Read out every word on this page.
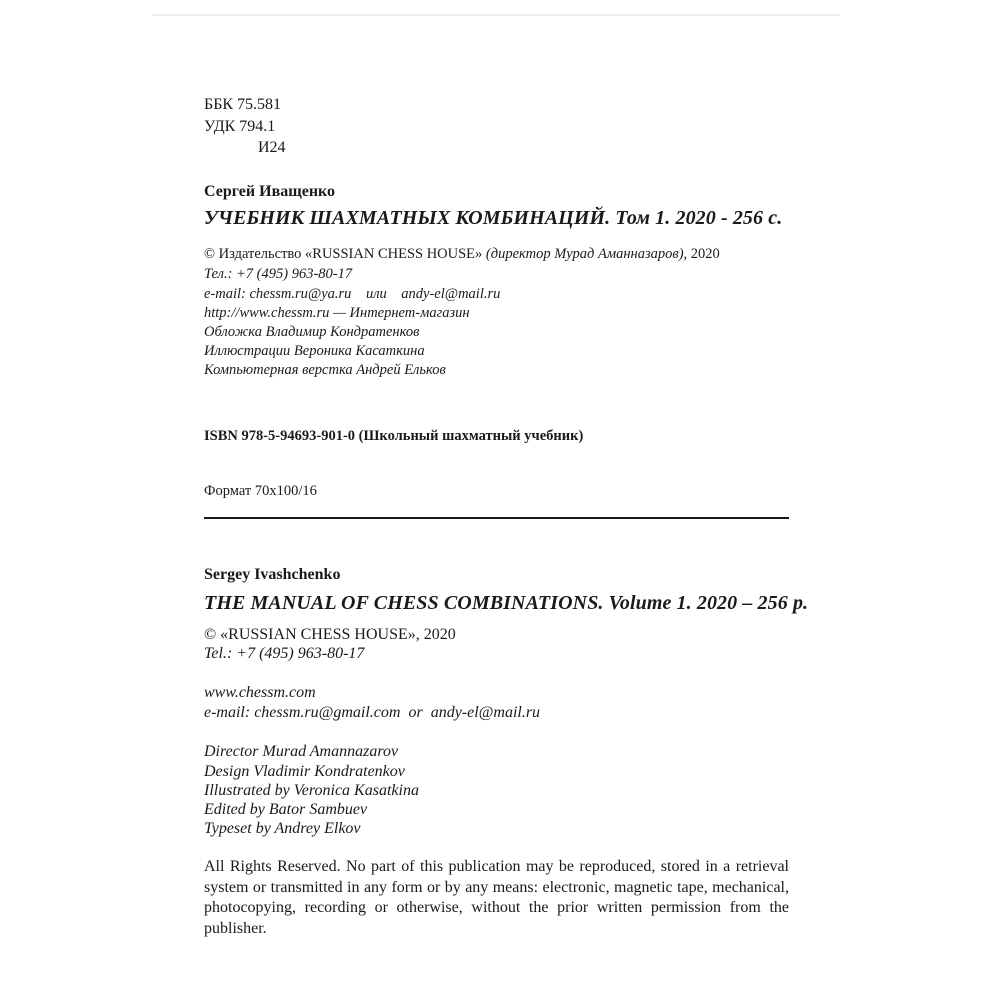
ББК 75.581
УДК 794.1
И24
Сергей Иващенко
УЧЕБНИК ШАХМАТНЫХ КОМБИНАЦИЙ. Том 1. 2020 - 256 с.
© Издательство «RUSSIAN CHESS HOUSE» (директор Мурад Аманназаров), 2020
Тел.: +7 (495) 963-80-17
e-mail: chessm.ru@ya.ru или andy-el@mail.ru
http://www.chessm.ru — Интернет-магазин
Обложка Владимир Кондратенков
Иллюстрации Вероника Касаткина
Компьютерная верстка Андрей Ельков
ISBN 978-5-94693-901-0 (Школьный шахматный учебник)
Формат 70x100/16
Sergey Ivashchenko
THE MANUAL OF CHESS COMBINATIONS. Volume 1. 2020 – 256 p.
© «RUSSIAN CHESS HOUSE», 2020
Tel.: +7 (495) 963-80-17
www.chessm.com
e-mail: chessm.ru@gmail.com  or  andy-el@mail.ru
Director Murad Amannazarov
Design Vladimir Kondratenkov
Illustrated by Veronica Kasatkina
Edited by Bator Sambuev
Typeset by Andrey Elkov
All Rights Reserved. No part of this publication may be reproduced, stored in a retrieval system or transmitted in any form or by any means: electronic, magnetic tape, mechanical, photocopying, recording or otherwise, without the prior written permission from the publisher.
